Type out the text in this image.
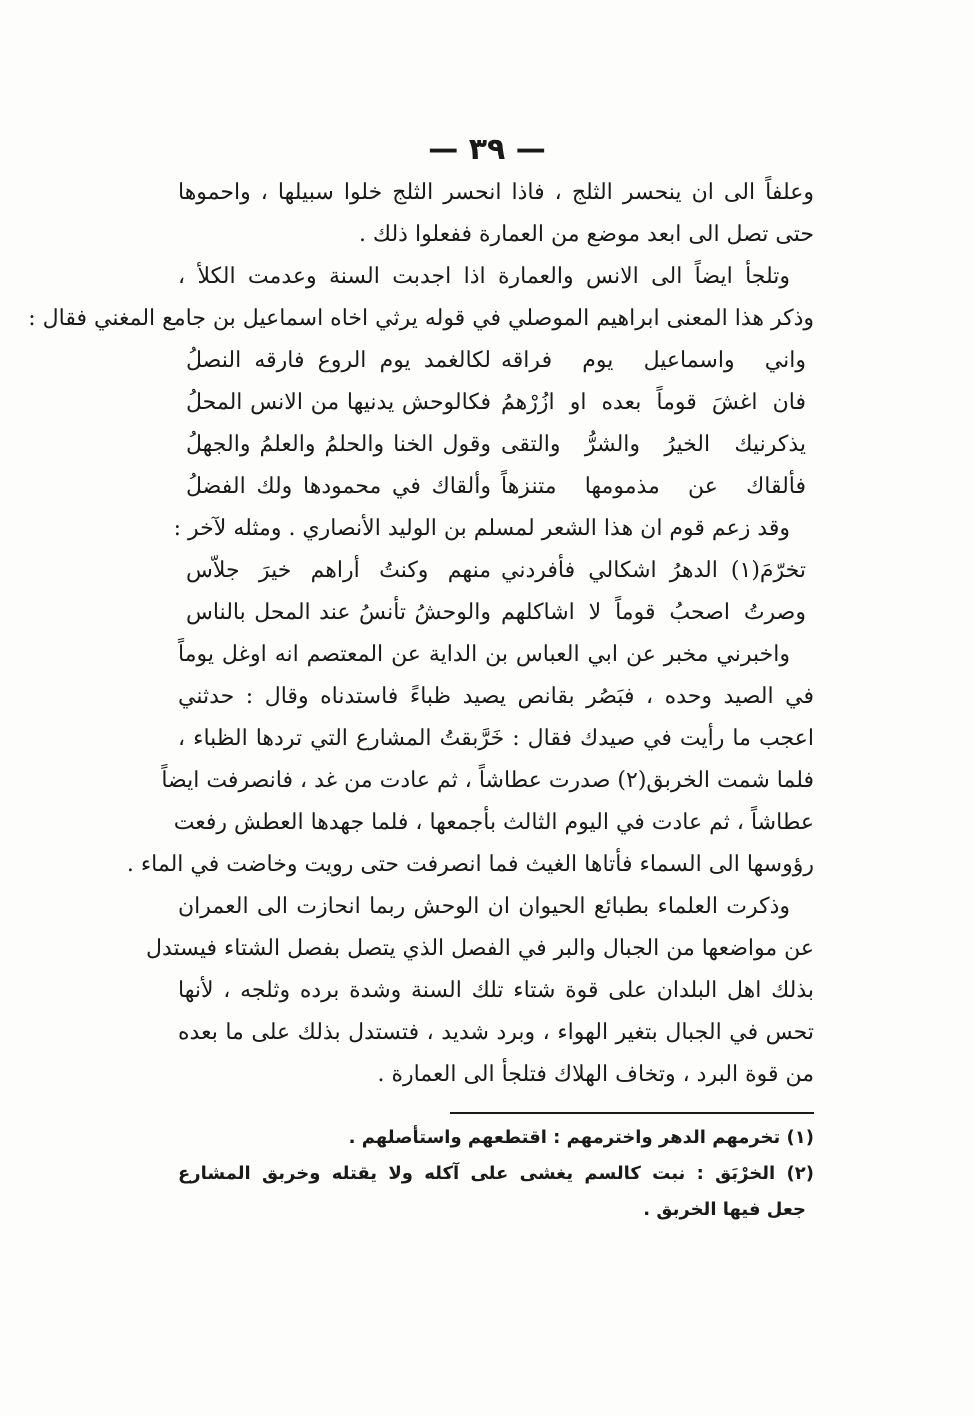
— ٣٩ —
وعلفاً الى ان ينحسر الثلج ، فاذا انحسر الثلج خلوا سبيلها ، واحموها
حتى تصل الى ابعد موضع من العمارة ففعلوا ذلك .
وتلجأ ايضاً الى الانس والعمارة اذا اجدبت السنة وعدمت الكلأ ،
وذكر هذا المعنى ابراهيم الموصلي في قوله يرثي اخاه اسماعيل بن جامع المغني فقال :
واني واسماعيل يوم فراقه
لكالغمد يوم الروع فارقه النصلُ
فان اغشَ قوماً بعده او ازُرْهمُ
فكالوحش يدنيها من الانس المحلُ
يذكرنيك الخيرُ والشرُّ والتقى
وقول الخنا والحلمُ والعلمُ والجهلُ
فألقاك عن مذمومها متنزهاً
وألقاك في محمودها ولك الفضلُ
وقد زعم قوم ان هذا الشعر لمسلم بن الوليد الأنصاري . ومثله لآخر :
تخرّمَ(١) الدهرُ اشكالي فأفردني
منهم وكنتُ أراهم خيرَ جلاّس
وصرتُ اصحبُ قوماً لا اشاكلهم
والوحشُ تأنسُ عند المحل بالناس
واخبرني مخبر عن ابي العباس بن الداية عن المعتصم انه اوغل يوماً
في الصيد وحده ، فبَصُر بقانص يصيد ظباءً فاستدناه وقال : حدثني
اعجب ما رأيت في صيدك فقال : خَرَّبقتُ المشارع التي تردها الظباء ،
فلما شمت الخربق(٢) صدرت عطاشاً ، ثم عادت من غد ، فانصرفت ايضاً
عطاشاً ، ثم عادت في اليوم الثالث بأجمعها ، فلما جهدها العطش رفعت
رؤوسها الى السماء فأتاها الغيث فما انصرفت حتى رويت وخاضت في الماء .
وذكرت العلماء بطبائع الحيوان ان الوحش ربما انحازت الى العمران
عن مواضعها من الجبال والبر في الفصل الذي يتصل بفصل الشتاء فيستدل
بذلك اهل البلدان على قوة شتاء تلك السنة وشدة برده وثلجه ، لأنها
تحس في الجبال بتغير الهواء ، وبرد شديد ، فتستدل بذلك على ما بعده
من قوة البرد ، وتخاف الهلاك فتلجأ الى العمارة .
(١) تخرمهم الدهر واخترمهم : اقتطعهم واستأصلهم .
(٢) الخرْبَق : نبت كالسم يغشى على آكله ولا يقتله وخربق المشارع
جعل فيها الخربق .
